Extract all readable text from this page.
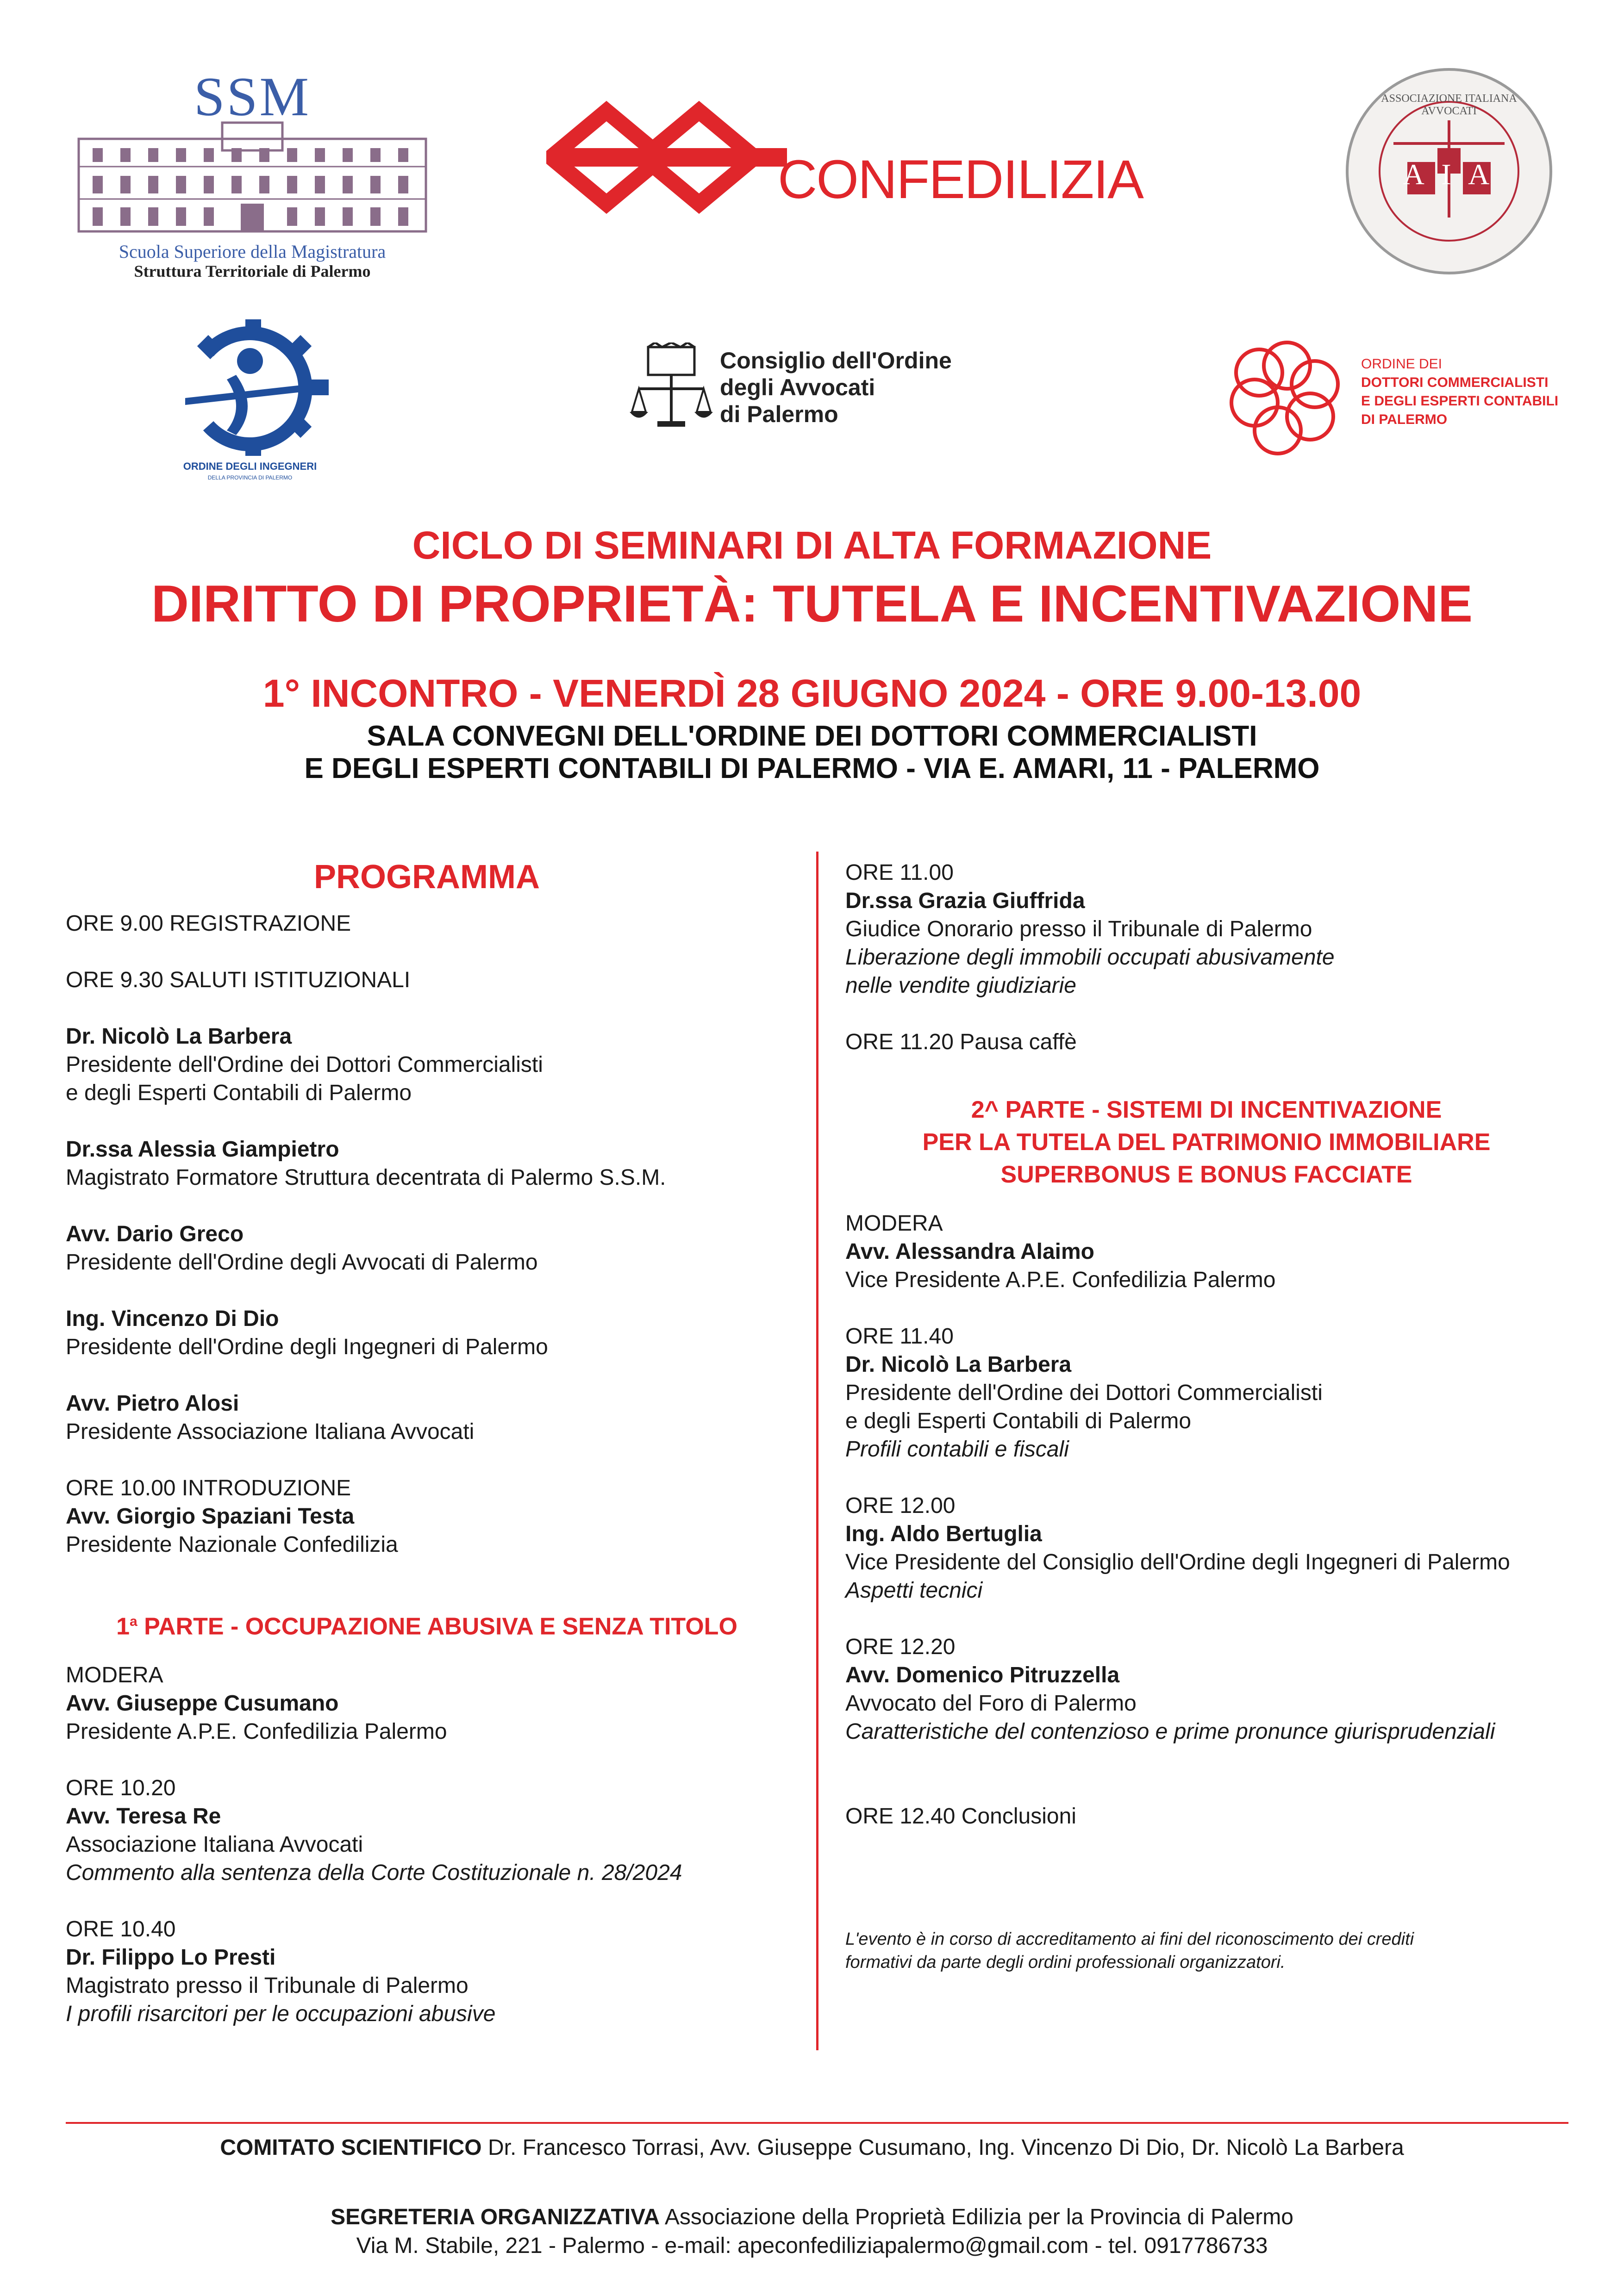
SSM
Scuola Superiore della Magistratura
Struttura Territoriale di Palermo
CONFEDILIZIA	A I A
ASSOCIAZIONE ITALIANA AVVOCATI
ORDINE DEGLI INGEGNERI
DELLA PROVINCIA DI PALERMO
Consiglio dell'Ordine
degli Avvocati
di Palermo
ORDINE DEI
DOTTORI COMMERCIALISTI
E DEGLI ESPERTI CONTABILI
DI PALERMO
CICLO DI SEMINARI DI ALTA FORMAZIONE
DIRITTO DI PROPRIETÀ: TUTELA E INCENTIVAZIONE
1° INCONTRO - VENERDÌ 28 GIUGNO 2024 - ORE 9.00-13.00
SALA CONVEGNI DELL'ORDINE DEI DOTTORI COMMERCIALISTI
E DEGLI ESPERTI CONTABILI DI PALERMO - VIA E. AMARI, 11 - PALERMO

PROGRAMMA

ORE 9.00 REGISTRAZIONE

ORE 9.30 SALUTI ISTITUZIONALI

Dr. Nicolò La Barbera

Presidente dell'Ordine dei Dottori Commercialisti

e degli Esperti Contabili di Palermo

Dr.ssa Alessia Giampietro

Magistrato Formatore Struttura decentrata di Palermo S.S.M.

Avv. Dario Greco

Presidente dell'Ordine degli Avvocati di Palermo

Ing. Vincenzo Di Dio

Presidente dell'Ordine degli Ingegneri di Palermo

Avv. Pietro Alosi

Presidente Associazione Italiana Avvocati

ORE 10.00 INTRODUZIONE

Avv. Giorgio Spaziani Testa

Presidente Nazionale Confedilizia

1$^a$ PARTE - OCCUPAZIONE ABUSIVA E SENZA TITOLO

MODERA

Avv. Giuseppe Cusumano

Presidente A.P.E. Confedilizia Palermo

ORE 10.20

Avv. Teresa Re

Associazione Italiana Avvocati

Commento alla sentenza della Corte Costituzionale n. 28/2024

ORE 10.40

Dr. Filippo Lo Presti

Magistrato presso il Tribunale di Palermo

I profili risarcitori per le occupazioni abusive

ORE 11.00

Dr.ssa Grazia Giuffrida

Giudice Onorario presso il Tribunale di Palermo

Liberazione degli immobili occupati abusivamente

nelle vendite giudiziarie

ORE 11.20 Pausa caffè

2^ PARTE - SISTEMI DI INCENTIVAZIONE

PER LA TUTELA DEL PATRIMONIO IMMOBILIARE

SUPERBONUS E BONUS FACCIATE

MODERA

Avv. Alessandra Alaimo

Vice Presidente A.P.E. Confedilizia Palermo

ORE 11.40

Dr. Nicolò La Barbera

Presidente dell'Ordine dei Dottori Commercialisti

e degli Esperti Contabili di Palermo

Profili contabili e fiscali

ORE 12.00

Ing. Aldo Bertuglia

Vice Presidente del Consiglio dell'Ordine degli Ingegneri di Palermo

Aspetti tecnici

ORE 12.20

Avv. Domenico Pitruzzella

Avvocato del Foro di Palermo

Caratteristiche del contenzioso e prime pronunce giurisprudenziali

ORE 12.40 Conclusioni

L'evento è in corso di accreditamento ai fini del riconoscimento dei crediti

formativi da parte degli ordini professionali organizzatori.

COMITATO SCIENTIFICO Dr. Francesco Torrasi, Avv. Giuseppe Cusumano, Ing. Vincenzo Di Dio, Dr. Nicolò La Barbera
SEGRETERIA ORGANIZZATIVA Associazione della Proprietà Edilizia per la Provincia di Palermo
Via M. Stabile, 221 - Palermo - e-mail: apeconfediliziapalermo@gmail.com - tel. 0917786733
